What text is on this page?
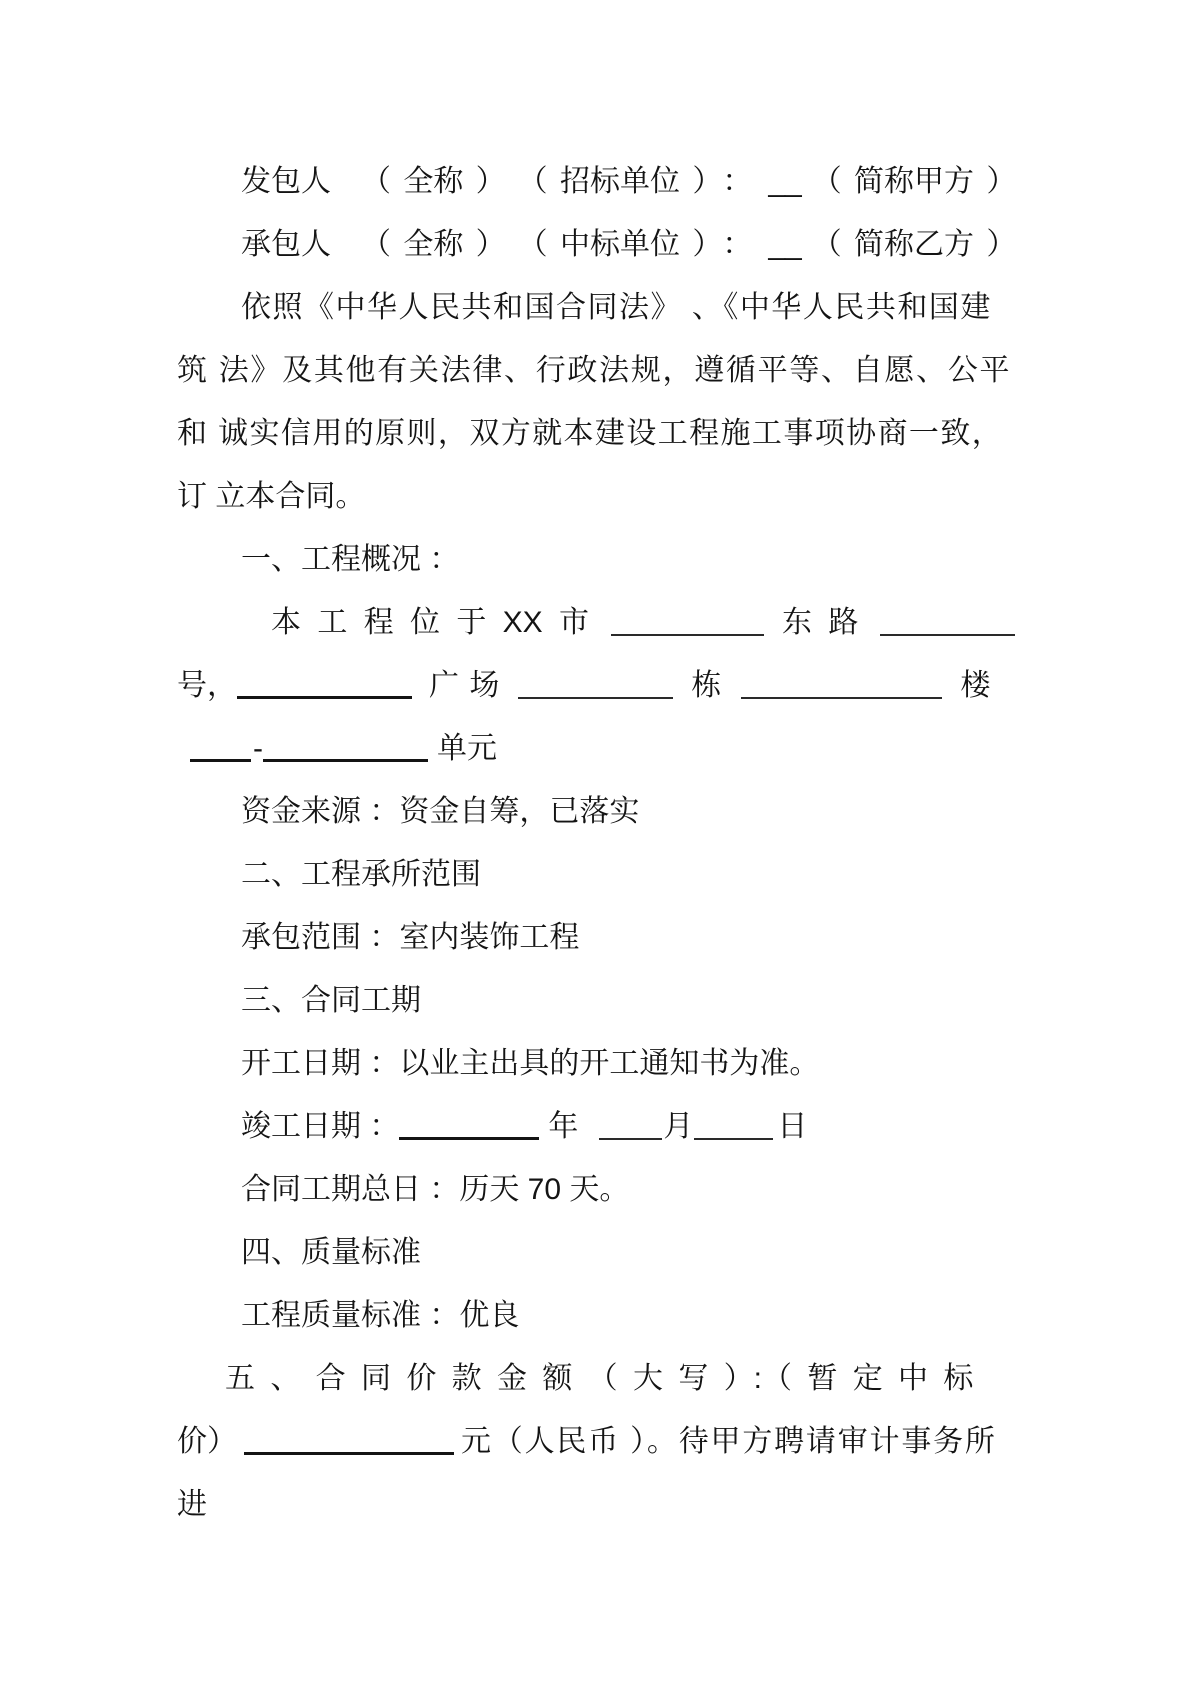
发包人 （ 全称 ） （ 招标单位 ） ： __ （ 简称甲方 ）
承包人 （ 全称 ） （ 中标单位 ） ： __ （ 简称乙方 ）
依照《中华人民共和国合同法》 、《中华人民共和国建
筑 法》及其他有关法律、行政法规，遵循平等、自愿、公平
和 诚实信用的原则，双方就本建设工程施工事项协商一致，
订 立本合同。
一、工程概况 ：
本 工 程 位 于 XX 市	东 路
号，	广 场	栋	楼
-	单元
资金来源 ：资金自筹，已落实
二、工程承所范围
承包范围 ：室内装饰工程
三、合同工期
开工日期 ：以业主出具的开工通知书为准。
竣工日期 ：	年	月	日
合同工期总日 ：历天 70 天。
四、质量标准
工程质量标准 ：优良
五 、 合 同 价 款 金 额 （ 大 写 ）:（ 暂 定 中 标
价）	元（人民币 ）。待甲方聘请审计事务所
进
